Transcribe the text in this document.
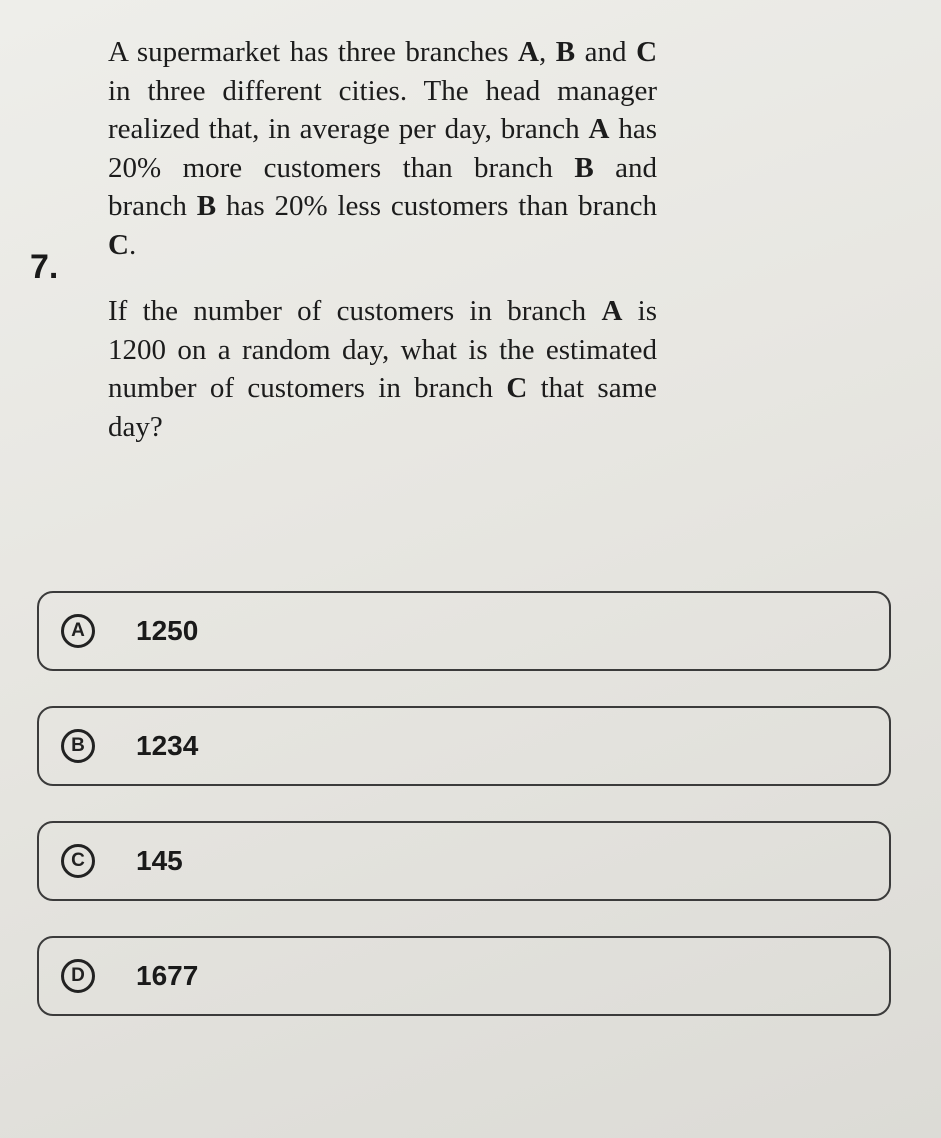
7.

A supermarket has three branches A, B and C in three different cities. The head manager realized that, in average per day, branch A has 20% more customers than branch B and branch B has 20% less customers than branch C.

If the number of customers in branch A is 1200 on a random day, what is the estimated number of customers in branch C that same day?

A	1250
B	1234
C	145
D	1677
